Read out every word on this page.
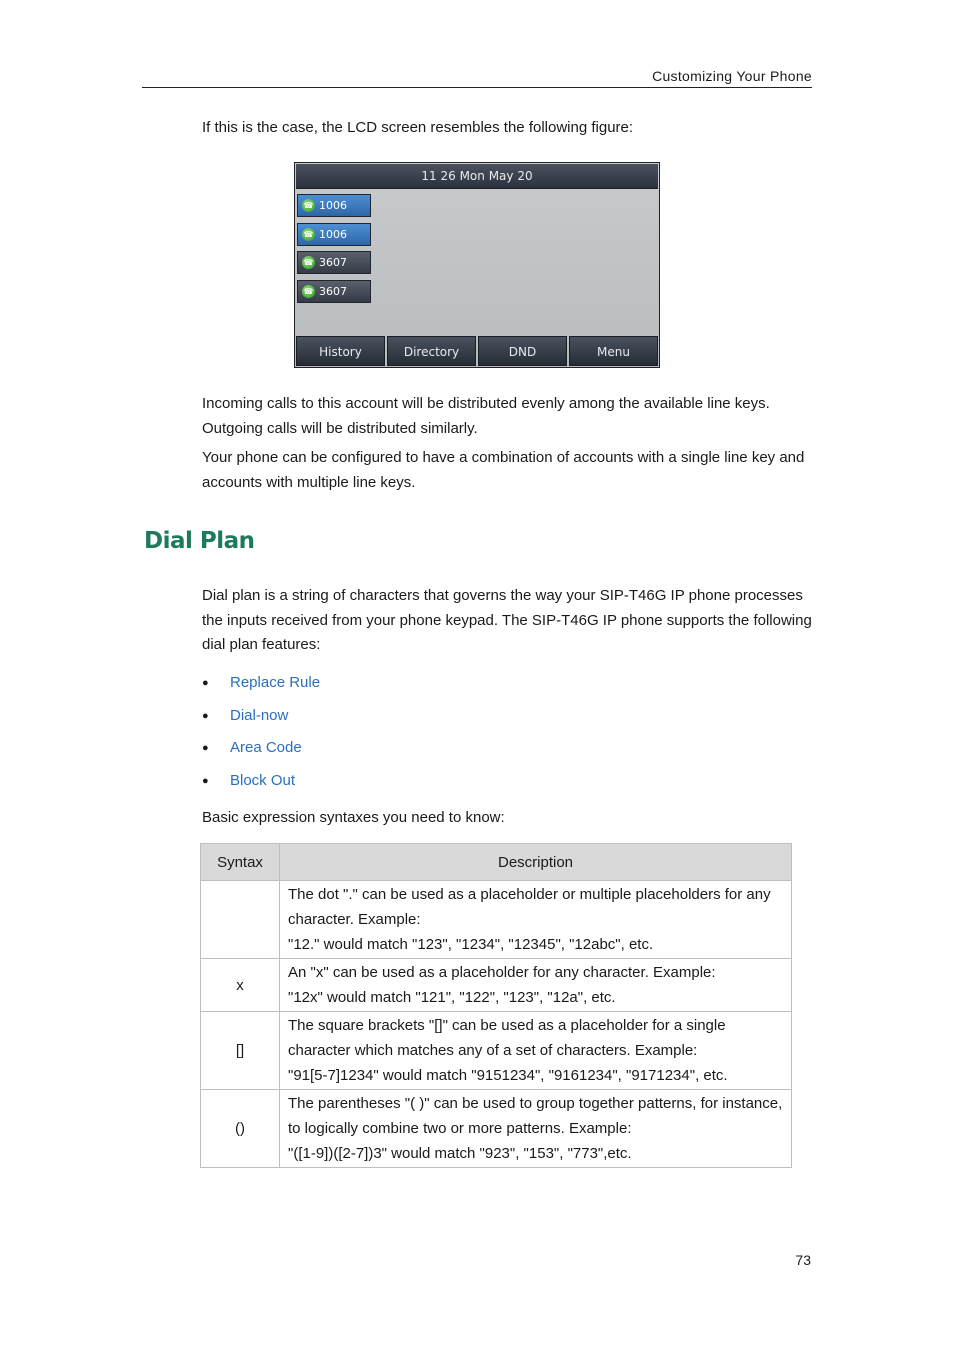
Customizing Your Phone

If this is the case, the LCD screen resembles the following figure:

11 26 Mon May 20
☎ 1006
☎ 1006
☎ 3607
☎ 3607
History	Directory	DND	Menu

Incoming calls to this account will be distributed evenly among the available line keys. Outgoing calls will be distributed similarly.

Your phone can be configured to have a combination of accounts with a single line key and accounts with multiple line keys.

Dial Plan

Dial plan is a string of characters that governs the way your SIP-T46G IP phone processes the inputs received from your phone keypad. The SIP-T46G IP phone supports the following dial plan features:

● Replace Rule
● Dial-now
● Area Code
● Block Out

Basic expression syntaxes you need to know:

Syntax	Description

	The dot "." can be used as a placeholder or multiple placeholders for any character. Example:
"12." would match "123", "1234", "12345", "12abc", etc.

x	An "x" can be used as a placeholder for any character. Example:
"12x" would match "121", "122", "123", "12a", etc.

[]	The square brackets "[]" can be used as a placeholder for a single character which matches any of a set of characters. Example:
"91[5-7]1234" would match "9151234", "9161234", "9171234", etc.

()	The parentheses "( )" can be used to group together patterns, for instance, to logically combine two or more patterns. Example:
"([1-9])([2-7])3" would match "923", "153", "773",etc.
73
